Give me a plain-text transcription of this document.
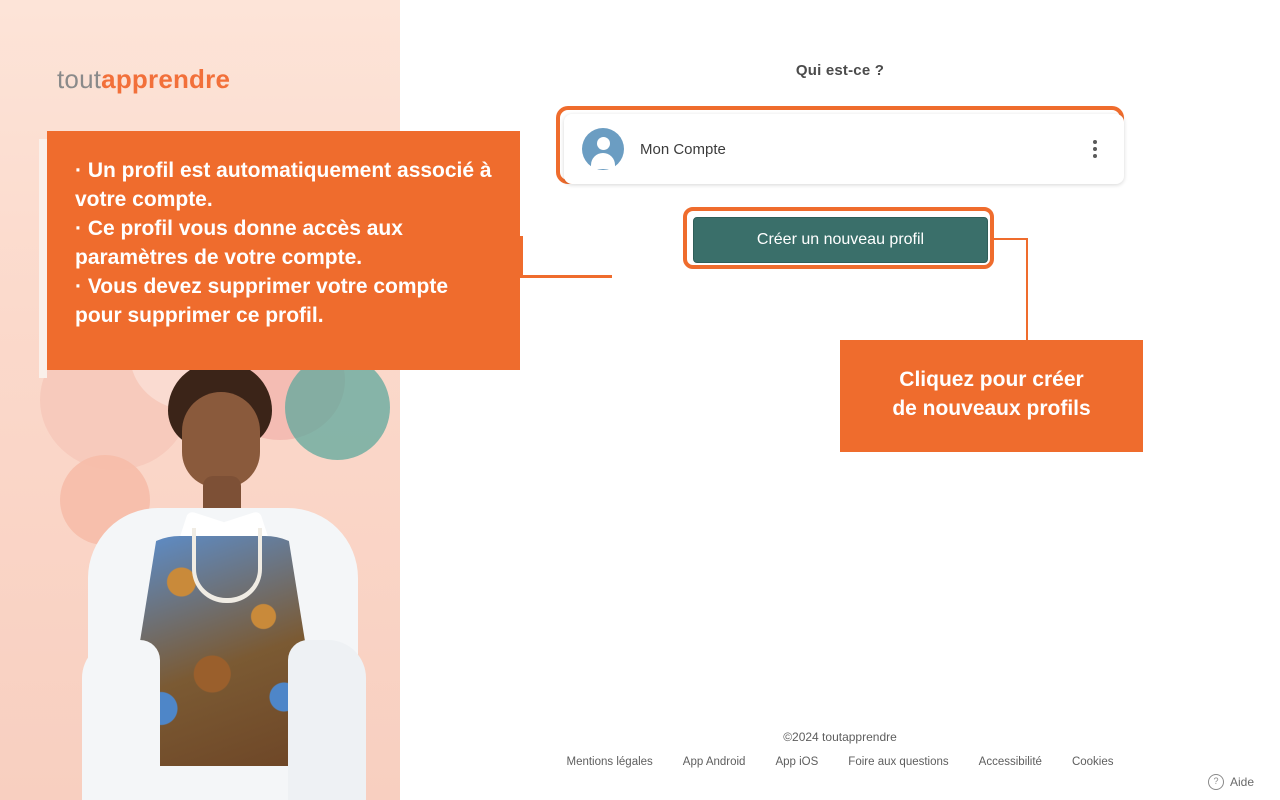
toutapprendre	Qui est-ce ?
Mon Compte
Créer un nouveau profil

· Un profil est automatiquement associé à votre compte.

· Ce profil vous donne accès aux paramètres de votre compte.

· Vous devez supprimer votre compte pour supprimer ce profil.

Cliquez pour créer
de nouveaux profils
©2024 toutapprendre
Mentions légales	App Android	App iOS	Foire aux questions	Accessibilité	Cookies
? Aide
